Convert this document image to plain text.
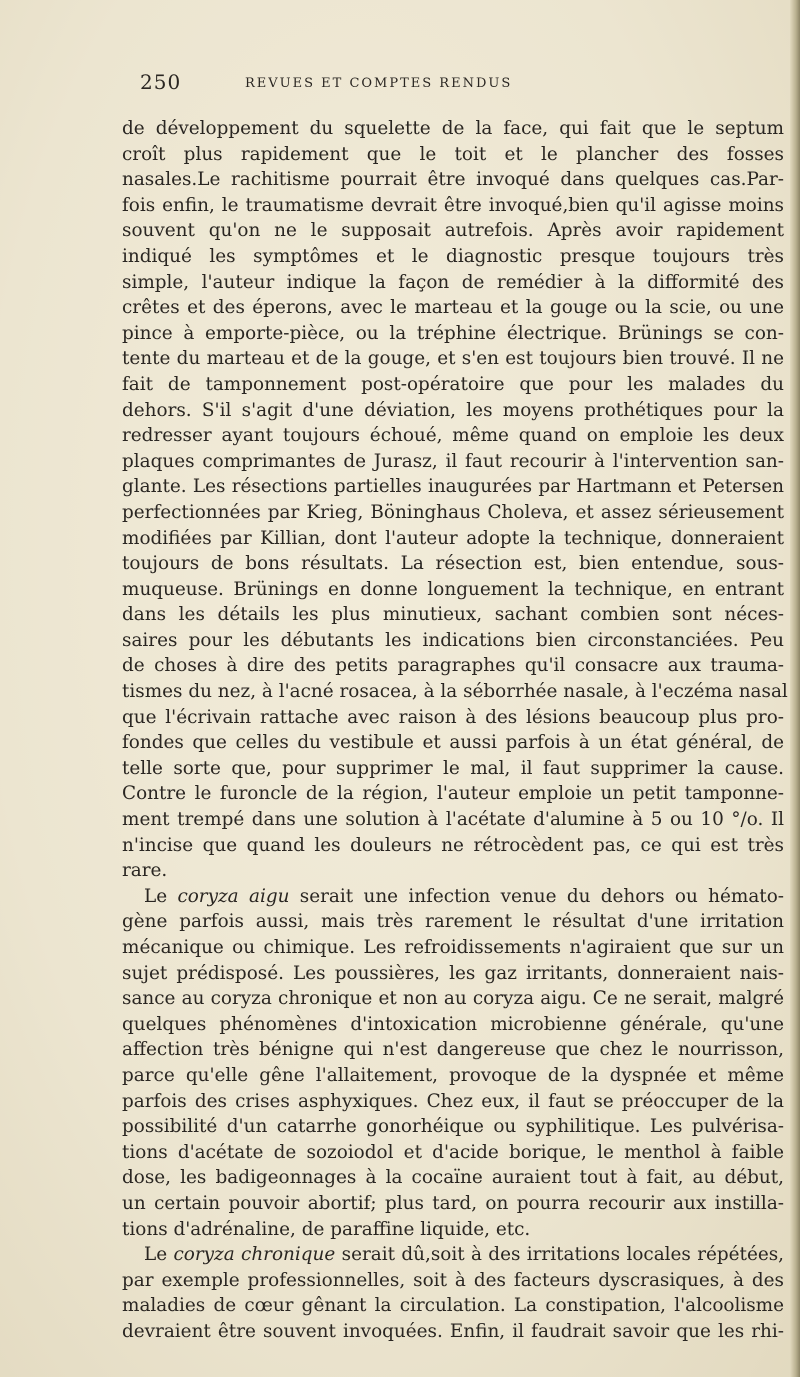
250	REVUES ET COMPTES RENDUS
de développement du squelette de la face, qui fait que le septum
croît plus rapidement que le toit et le plancher des fosses
nasales.Le rachitisme pourrait être invoqué dans quelques cas.Par-
fois enfin, le traumatisme devrait être invoqué,bien qu'il agisse moins
souvent qu'on ne le supposait autrefois. Après avoir rapidement
indiqué les symptômes et le diagnostic presque toujours très
simple, l'auteur indique la façon de remédier à la difformité des
crêtes et des éperons, avec le marteau et la gouge ou la scie, ou une
pince à emporte-pièce, ou la tréphine électrique. Brünings se con-
tente du marteau et de la gouge, et s'en est toujours bien trouvé. Il ne
fait de tamponnement post-opératoire que pour les malades du
dehors. S'il s'agit d'une déviation, les moyens prothétiques pour la
redresser ayant toujours échoué, même quand on emploie les deux
plaques comprimantes de Jurasz, il faut recourir à l'intervention san-
glante. Les résections partielles inaugurées par Hartmann et Petersen
perfectionnées par Krieg, Böninghaus Choleva, et assez sérieusement
modifiées par Killian, dont l'auteur adopte la technique, donneraient
toujours de bons résultats. La résection est, bien entendue, sous-
muqueuse. Brünings en donne longuement la technique, en entrant
dans les détails les plus minutieux, sachant combien sont néces-
saires pour les débutants les indications bien circonstanciées. Peu
de choses à dire des petits paragraphes qu'il consacre aux trauma-
tismes du nez, à l'acné rosacea, à la séborrhée nasale, à l'eczéma nasal
que l'écrivain rattache avec raison à des lésions beaucoup plus pro-
fondes que celles du vestibule et aussi parfois à un état général, de
telle sorte que, pour supprimer le mal, il faut supprimer la cause.
Contre le furoncle de la région, l'auteur emploie un petit tamponne-
ment trempé dans une solution à l'acétate d'alumine à 5 ou 10 °/o. Il
n'incise que quand les douleurs ne rétrocèdent pas, ce qui est très
rare.
Le coryza aigu serait une infection venue du dehors ou hémato-
gène parfois aussi, mais très rarement le résultat d'une irritation
mécanique ou chimique. Les refroidissements n'agiraient que sur un
sujet prédisposé. Les poussières, les gaz irritants, donneraient nais-
sance au coryza chronique et non au coryza aigu. Ce ne serait, malgré
quelques phénomènes d'intoxication microbienne générale, qu'une
affection très bénigne qui n'est dangereuse que chez le nourrisson,
parce qu'elle gêne l'allaitement, provoque de la dyspnée et même
parfois des crises asphyxiques. Chez eux, il faut se préoccuper de la
possibilité d'un catarrhe gonorhéique ou syphilitique. Les pulvérisa-
tions d'acétate de sozoiodol et d'acide borique, le menthol à faible
dose, les badigeonnages à la cocaïne auraient tout à fait, au début,
un certain pouvoir abortif; plus tard, on pourra recourir aux instilla-
tions d'adrénaline, de paraffine liquide, etc.
Le coryza chronique serait dû,soit à des irritations locales répétées,
par exemple professionnelles, soit à des facteurs dyscrasiques, à des
maladies de cœur gênant la circulation. La constipation, l'alcoolisme
devraient être souvent invoquées. Enfin, il faudrait savoir que les rhi-
